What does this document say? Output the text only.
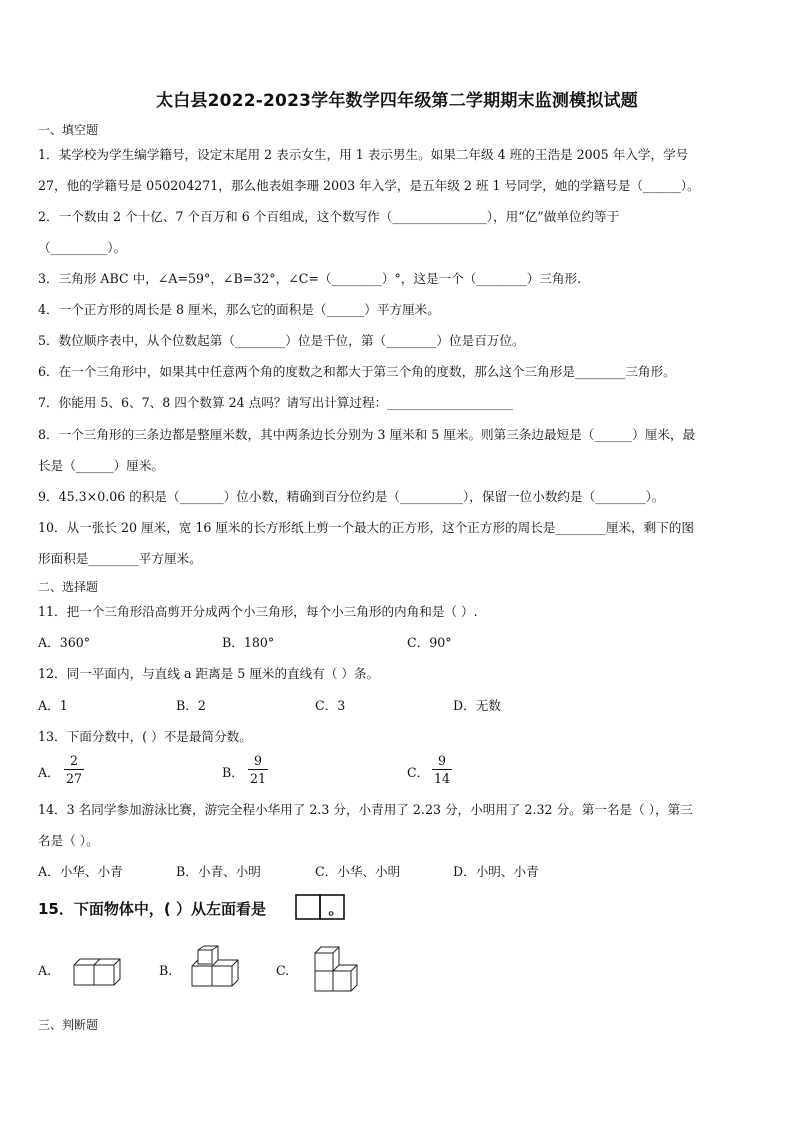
太白县2022-2023学年数学四年级第二学期期末监测模拟试题
一、填空题
1．某学校为学生编学籍号，设定末尾用 2 表示女生，用 1 表示男生。如果二年级 4 班的王浩是 2005 年入学，学号
27，他的学籍号是 050204271，那么他表姐李珊 2003 年入学，是五年级 2 班 1 号同学，她的学籍号是（______）。
2．一个数由 2 个十亿、7 个百万和 6 个百组成，这个数写作（_______________），用“亿”做单位约等于
（_________）。
3．三角形 ABC 中，∠A=59°，∠B=32°，∠C=（________）°，这是一个（________）三角形.
4．一个正方形的周长是 8 厘米，那么它的面积是（______）平方厘米。
5．数位顺序表中，从个位数起第（________）位是千位，第（________）位是百万位。
6．在一个三角形中，如果其中任意两个角的度数之和都大于第三个角的度数，那么这个三角形是________三角形。
7．你能用 5、6、7、8 四个数算 24 点吗？请写出计算过程：____________________
8．一个三角形的三条边都是整厘米数，其中两条边长分别为 3 厘米和 5 厘米。则第三条边最短是（______）厘米，最
长是（______）厘米。
9．45.3×0.06 的积是（_______）位小数，精确到百分位约是（__________），保留一位小数约是（________）。
10．从一张长 20 厘米，宽 16 厘米的长方形纸上剪一个最大的正方形，这个正方形的周长是________厘米，剩下的图
形面积是________平方厘米。
二、选择题
11．把一个三角形沿高剪开分成两个小三角形，每个小三角形的内角和是（ ）.
A．360°	B．180°	C．90°
12．同一平面内，与直线 a 距离是 5 厘米的直线有（ ）条。
A．1	B．2	C．3	D．无数
13．下面分数中，( ）不是最简分数。
A．
2
27	B．
9
21	C．
9
14
14．3 名同学参加游泳比赛，游完全程小华用了 2.3 分，小青用了 2.23 分，小明用了 2.32 分。第一名是（ ），第三
名是（ ）。
A．小华、小青	B．小青、小明	C．小华、小明	D．小明、小青
15．下面物体中，( ）从左面看是	。
A.	B.	C.
三、判断题
